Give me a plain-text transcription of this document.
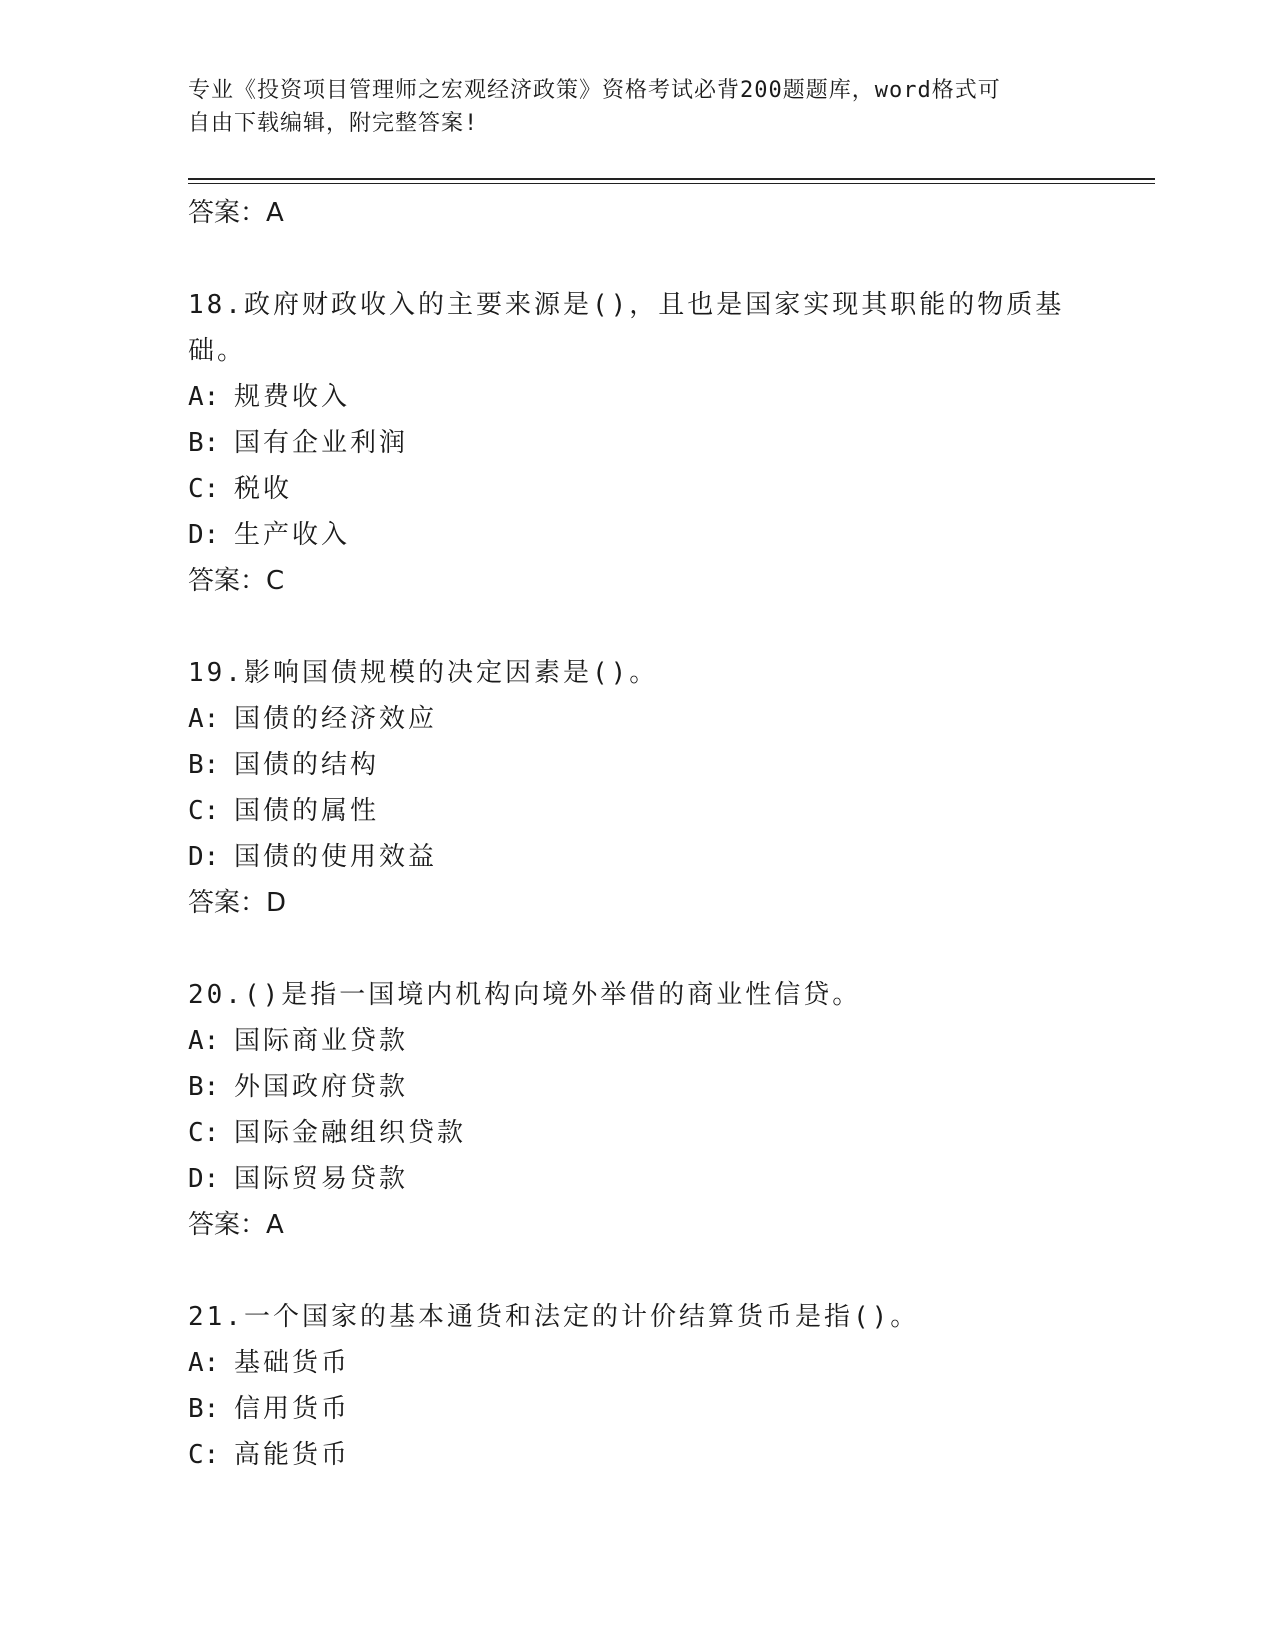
专业《投资项目管理师之宏观经济政策》资格考试必背200题题库，word格式可
自由下载编辑，附完整答案!
答案：A
18.政府财政收入的主要来源是()，且也是国家实现其职能的物质基础。
A: 规费收入
B: 国有企业利润
C: 税收
D: 生产收入
答案：C
19.影响国债规模的决定因素是()。
A: 国债的经济效应
B: 国债的结构
C: 国债的属性
D: 国债的使用效益
答案：D
20.()是指一国境内机构向境外举借的商业性信贷。
A: 国际商业贷款
B: 外国政府贷款
C: 国际金融组织贷款
D: 国际贸易贷款
答案：A
21.一个国家的基本通货和法定的计价结算货币是指()。
A: 基础货币
B: 信用货币
C: 高能货币
